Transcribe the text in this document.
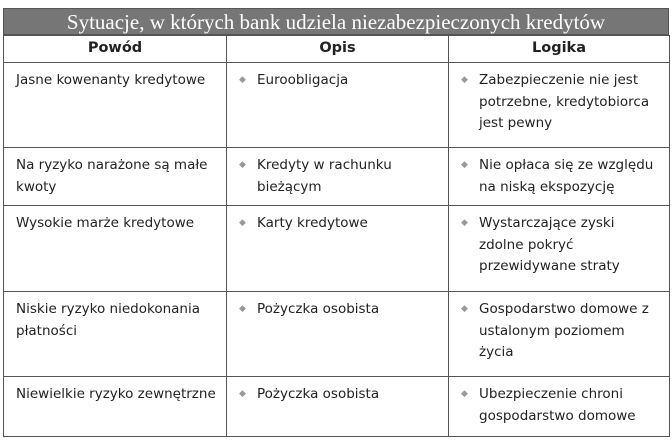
Sytuacje, w których bank udziela niezabezpieczonych kredytów
Powód	Opis	Logika
Jasne kowenanty kredytowe	◆ Euroobligacja	◆ Zabezpieczenie nie jest potrzebne, kredytobiorca jest pewny

Na ryzyko narażone są małe kwoty	◆ Kredyty w rachunku bieżącym	◆ Nie opłaca się ze względu na niską ekspozycję

Wysokie marże kredytowe	◆ Karty kredytowe	◆ Wystarczające zyski zdolne pokryć przewidywane straty

Niskie ryzyko niedokonania płatności	◆ Pożyczka osobista	◆ Gospodarstwo domowe z ustalonym poziomem życia

Niewielkie ryzyko zewnętrzne	◆ Pożyczka osobista	◆ Ubezpieczenie chroni gospodarstwo domowe
